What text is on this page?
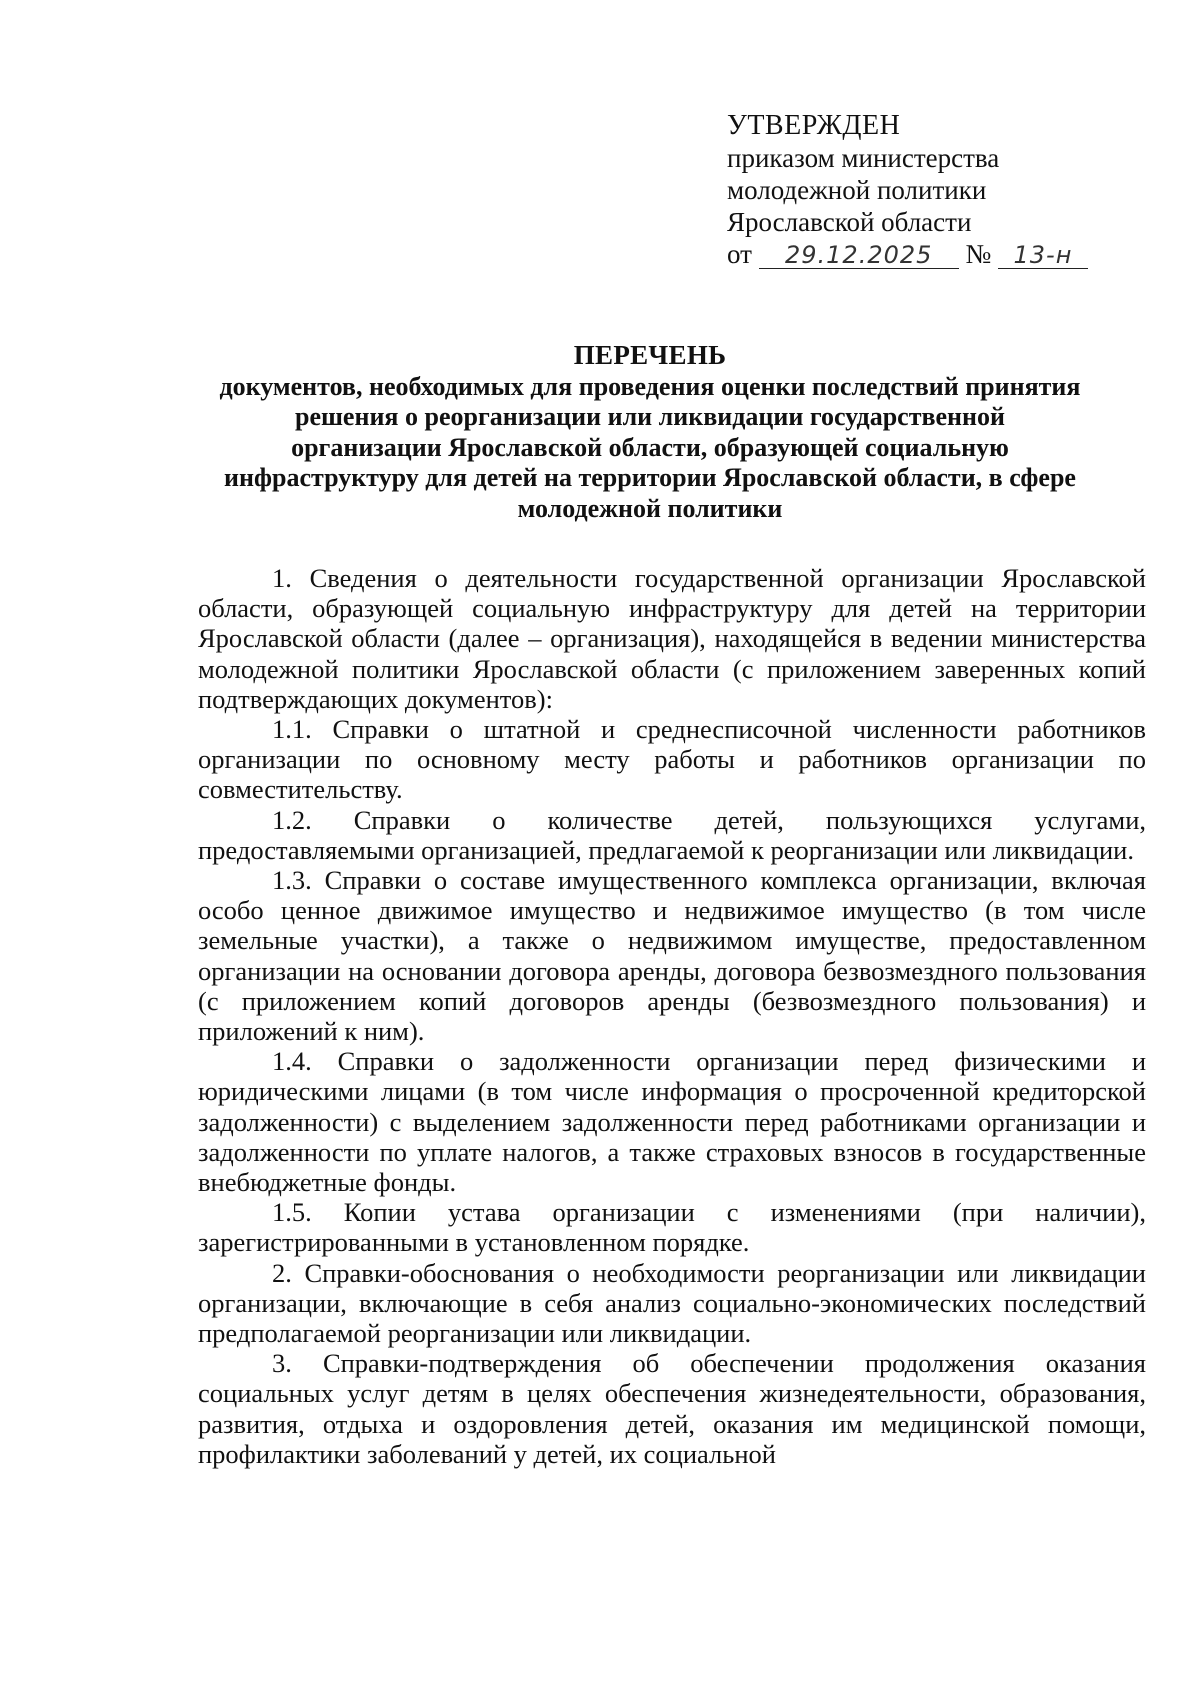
УТВЕРЖДЕН
приказом министерства
молодежной политики
Ярославской области
от 29.12.2025 № 13-н
ПЕРЕЧЕНЬ
документов, необходимых для проведения оценки последствий принятия
решения о реорганизации или ликвидации государственной
организации Ярославской области, образующей социальную
инфраструктуру для детей на территории Ярославской области, в сфере
молодежной политики

1. Сведения о деятельности государственной организации Ярославской области, образующей социальную инфраструктуру для детей на территории Ярославской области (далее – организация), находящейся в ведении министерства молодежной политики Ярославской области (с приложением заверенных копий подтверждающих документов):

1.1. Справки о штатной и среднесписочной численности работников организации по основному месту работы и работников организации по совместительству.

1.2. Справки о количестве детей, пользующихся услугами, предоставляемыми организацией, предлагаемой к реорганизации или ликвидации.

1.3. Справки о составе имущественного комплекса организации, включая особо ценное движимое имущество и недвижимое имущество (в том числе земельные участки), а также о недвижимом имуществе, предоставленном организации на основании договора аренды, договора безвозмездного пользования (с приложением копий договоров аренды (безвозмездного пользования) и приложений к ним).

1.4. Справки о задолженности организации перед физическими и юридическими лицами (в том числе информация о просроченной кредиторской задолженности) с выделением задолженности перед работниками организации и задолженности по уплате налогов, а также страховых взносов в государственные внебюджетные фонды.

1.5. Копии устава организации с изменениями (при наличии), зарегистрированными в установленном порядке.

2. Справки-обоснования о необходимости реорганизации или ликвидации организации, включающие в себя анализ социально-экономических последствий предполагаемой реорганизации или ликвидации.

3. Справки-подтверждения об обеспечении продолжения оказания социальных услуг детям в целях обеспечения жизнедеятельности, образования, развития, отдыха и оздоровления детей, оказания им медицинской помощи, профилактики заболеваний у детей, их социальной
